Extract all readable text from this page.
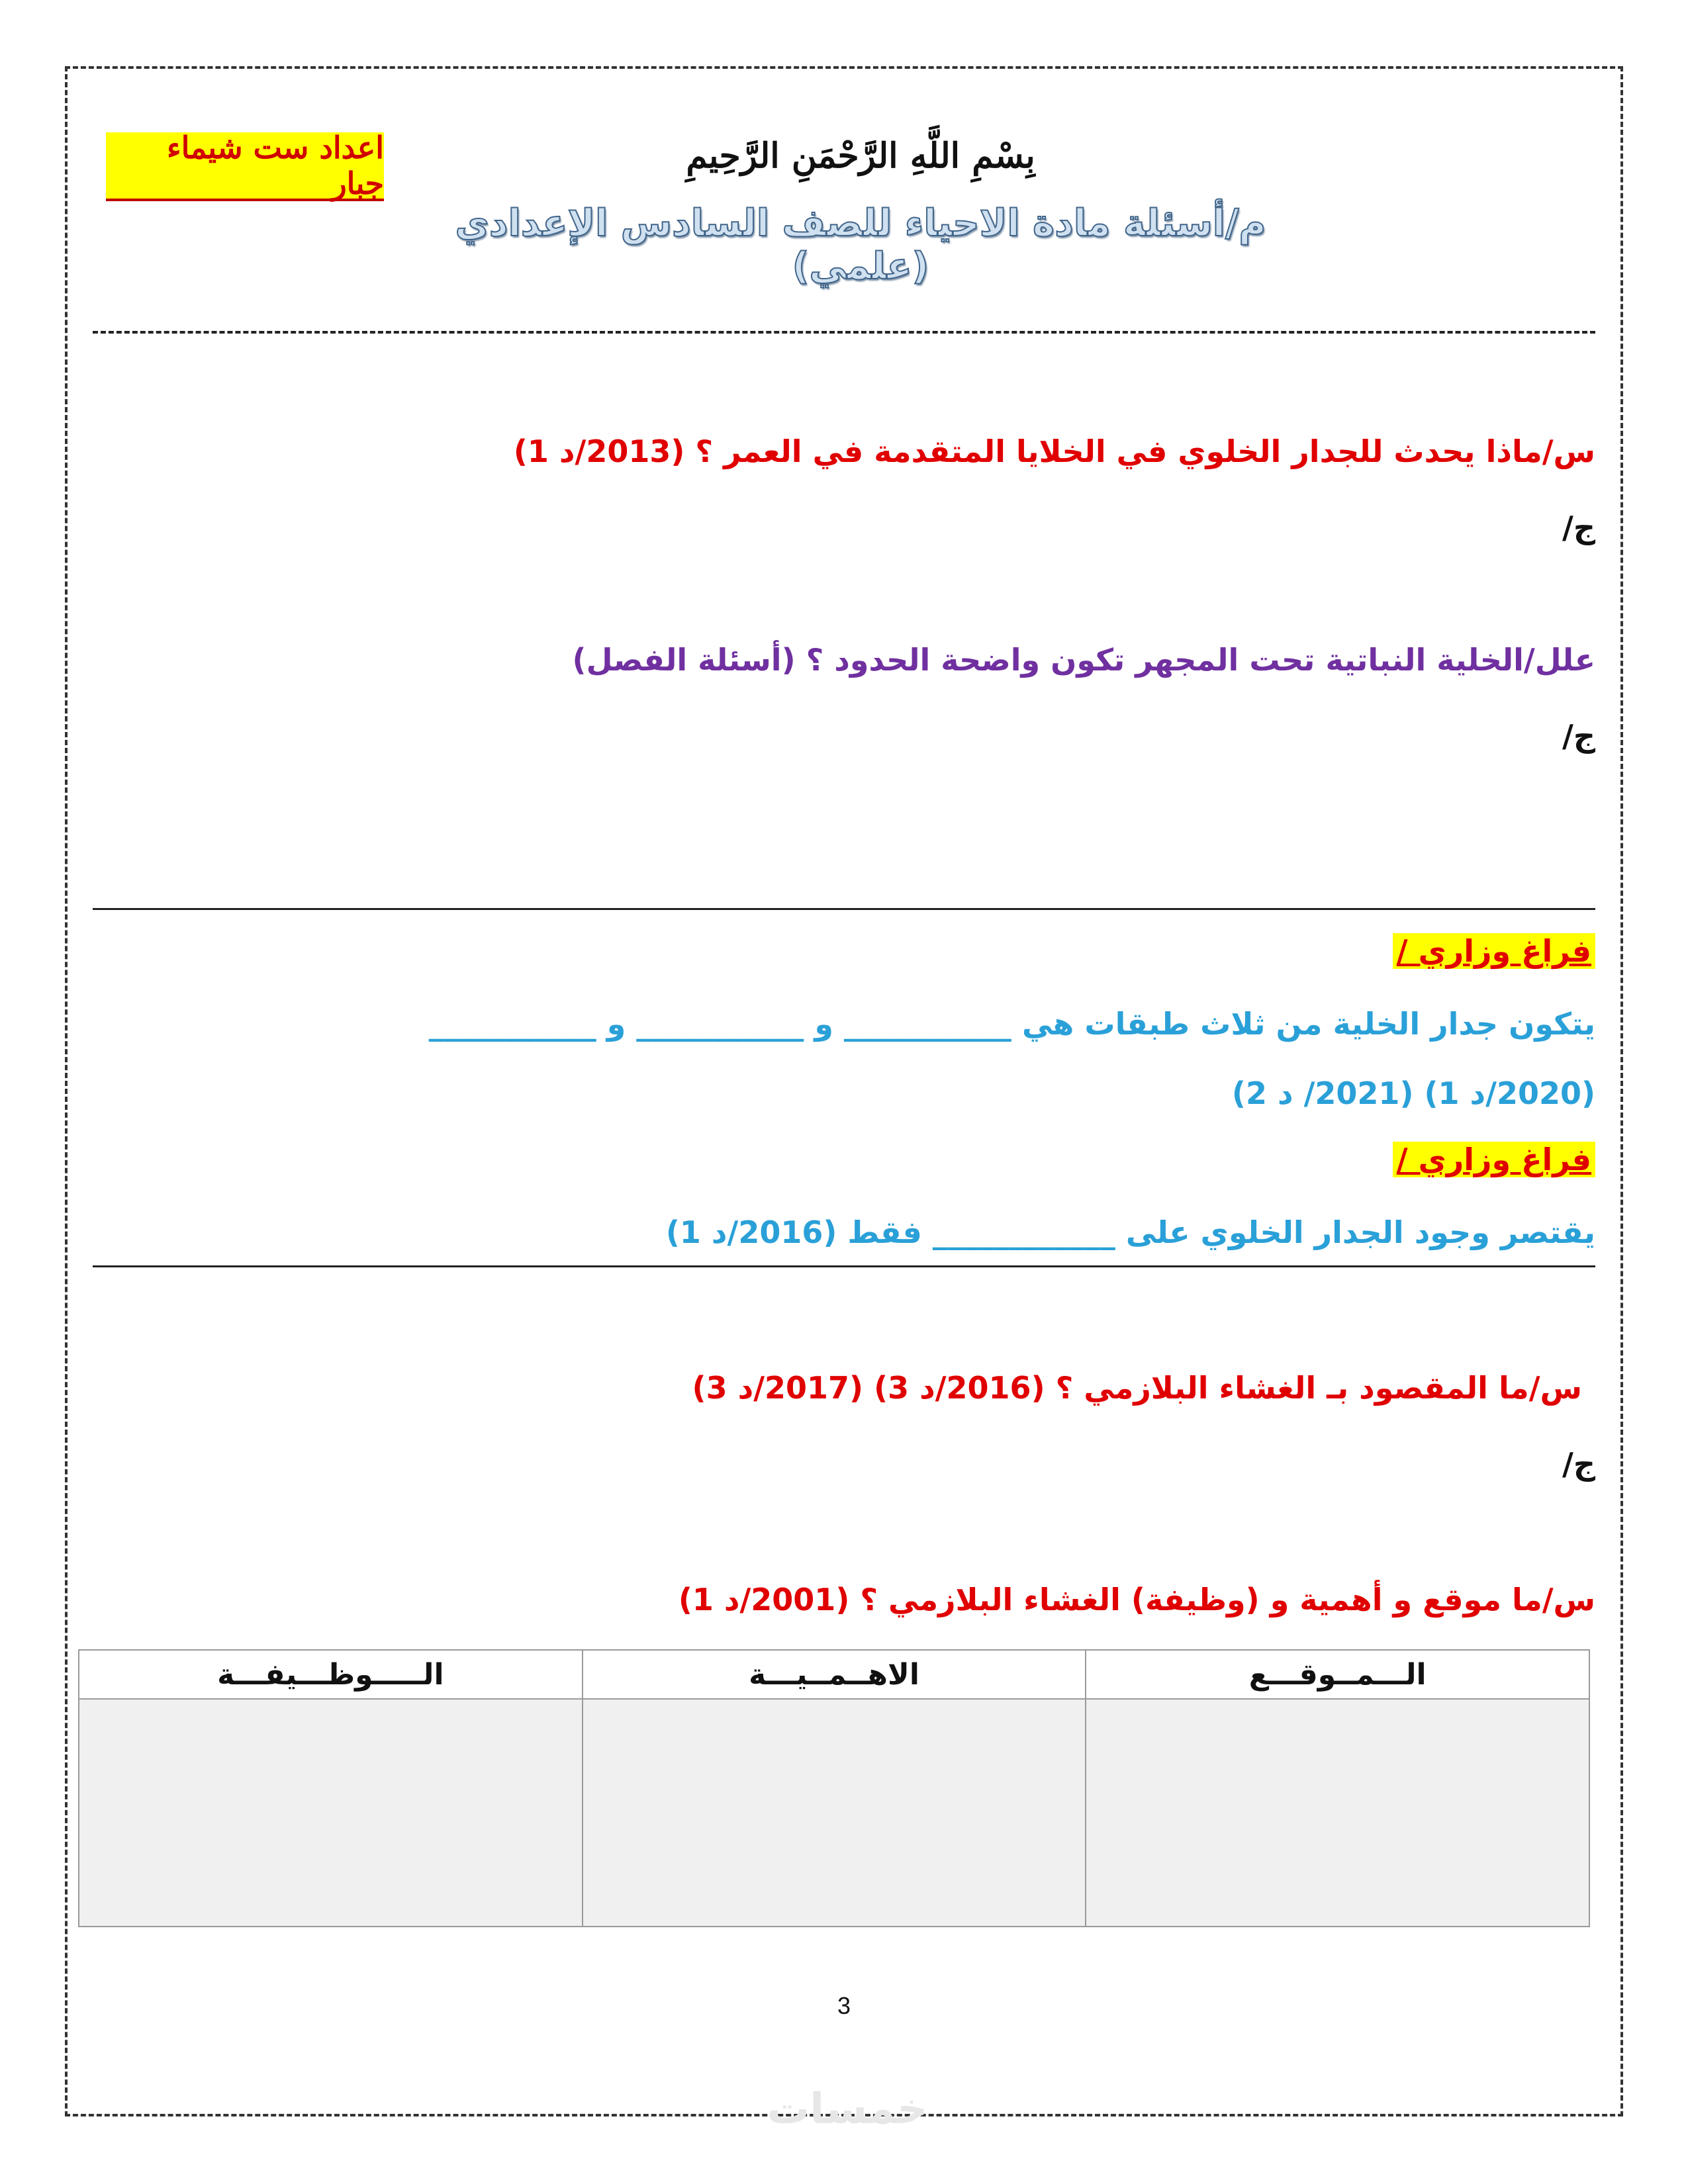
اعداد ست شيماء جبار
بِسْمِ اللَّهِ الرَّحْمَنِ الرَّحِيمِ
م/أسئلة مادة الاحياء للصف السادس الإعدادي (علمي)
س/ماذا يحدث للجدار الخلوي في الخلايا المتقدمة في العمر ؟ (2013/د 1)
ج/
علل/الخلية النباتية تحت المجهر تكون واضحة الحدود ؟ (أسئلة الفصل)
ج/
فراغ وزاري /
يتكون جدار الخلية من ثلاث طبقات هي ___________ و ___________ و ___________
(2020/د 1) (2021/ د 2)
فراغ وزاري /
يقتصر وجود الجدار الخلوي على ____________ فقط (2016/د 1)
س/ما المقصود بـ الغشاء البلازمي ؟ (2016/د 3) (2017/د 3)
ج/
س/ما موقع و أهمية و (وظيفة) الغشاء البلازمي ؟ (2001/د 1)
الـــمــوقـــع	الاهــمــيـــة	الـــــوظـــيفـــة

3
خمسات
